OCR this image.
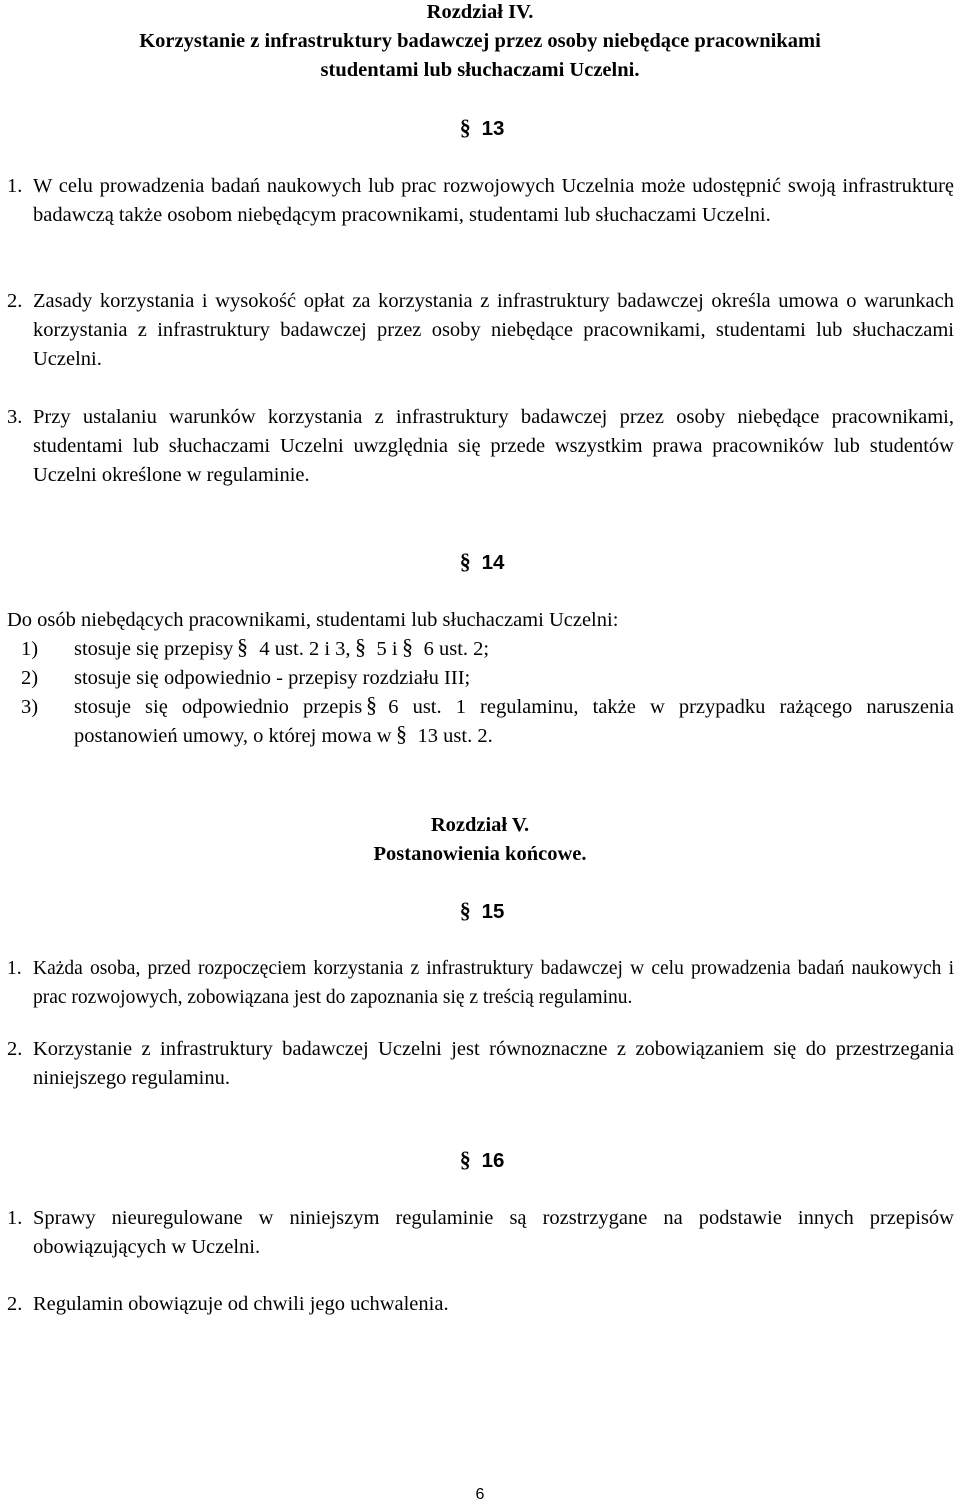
Rozdział IV.
Korzystanie z infrastruktury badawczej przez osoby niebędące pracownikami
studentami lub słuchaczami Uczelni.
§ 13
1. W celu prowadzenia badań naukowych lub prac rozwojowych Uczelnia może udostępnić swoją infrastrukturę badawczą także osobom niebędącym pracownikami, studentami lub słuchaczami Uczelni.
2. Zasady korzystania i wysokość opłat za korzystania z infrastruktury badawczej określa umowa o warunkach korzystania z infrastruktury badawczej przez osoby niebędące pracownikami, studentami lub słuchaczami Uczelni.
3. Przy ustalaniu warunków korzystania z infrastruktury badawczej przez osoby niebędące pracownikami, studentami lub słuchaczami Uczelni uwzględnia się przede wszystkim prawa pracowników lub studentów Uczelni określone w regulaminie.
§ 14
Do osób niebędących pracownikami, studentami lub słuchaczami Uczelni:
1) stosuje się przepisy § 4 ust. 2 i 3, § 5 i § 6 ust. 2;
2) stosuje się odpowiednio - przepisy rozdziału III;
3)	stosuje się odpowiednio przepis § 6 ust. 1 regulaminu, także w przypadku rażącego naruszenia postanowień umowy, o której mowa w § 13 ust. 2.
Rozdział V.
Postanowienia końcowe.
§ 15
1. Każda osoba, przed rozpoczęciem korzystania z infrastruktury badawczej w celu prowadzenia badań naukowych i prac rozwojowych, zobowiązana jest do zapoznania się z treścią regulaminu.
2. Korzystanie z infrastruktury badawczej Uczelni jest równoznaczne z zobowiązaniem się do przestrzegania niniejszego regulaminu.
§ 16
1. Sprawy nieuregulowane w niniejszym regulaminie są rozstrzygane na podstawie innych przepisów obowiązujących w Uczelni.
2. Regulamin obowiązuje od chwili jego uchwalenia.
6
